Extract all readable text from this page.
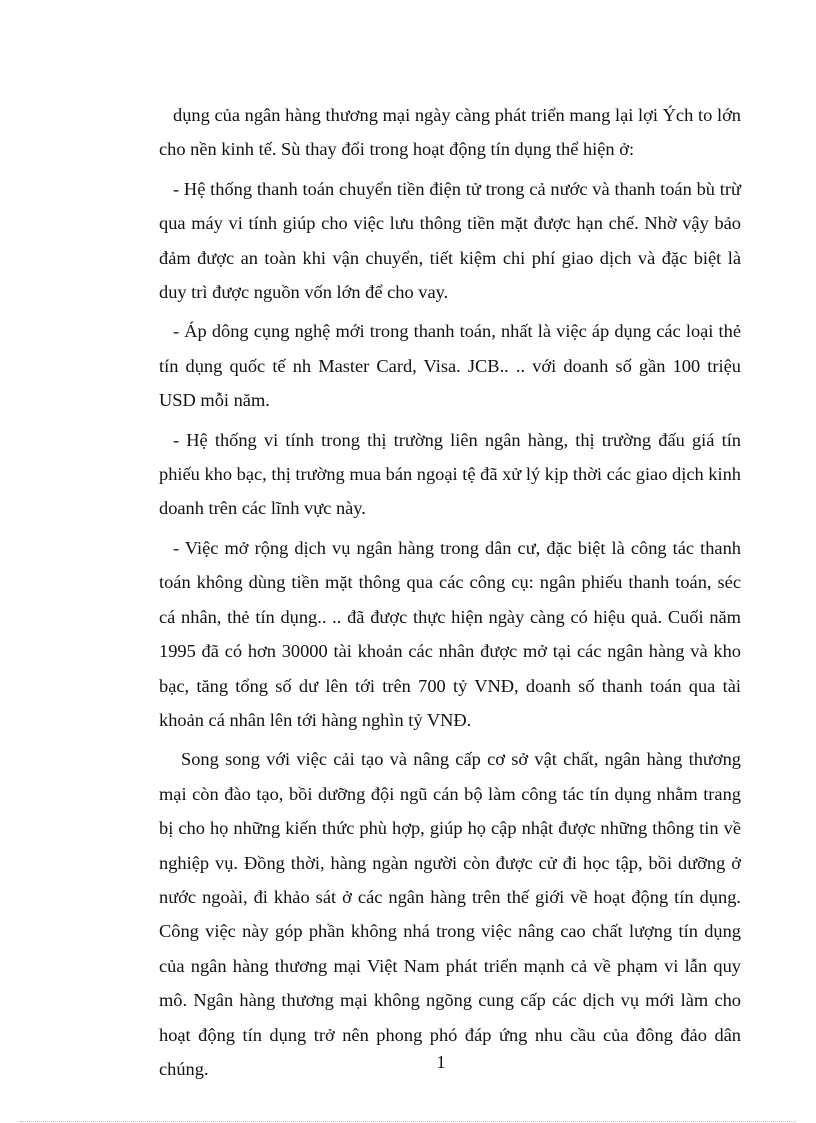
dụng của ngân hàng thương mại ngày càng phát triển mang lại lợi Ých to lớn cho nền kinh tế. Sù thay đổi trong hoạt động tín dụng thể hiện ở:

- Hệ thống thanh toán chuyển tiền điện tử trong cả nước và thanh toán bù trừ qua máy vi tính giúp cho việc lưu thông tiền mặt được hạn chế. Nhờ vậy bảo đảm được an toàn khi vận chuyển, tiết kiệm chi phí giao dịch và đặc biệt là duy trì được nguồn vốn lớn để cho vay.

- Áp dông cụng nghệ mới trong thanh toán, nhất là việc áp dụng các loại thẻ tín dụng quốc tế nh Master Card, Visa. JCB.. .. với doanh số gần 100 triệu USD mỗi năm.

- Hệ thống vi tính trong thị trường liên ngân hàng, thị trường đấu giá tín phiếu kho bạc, thị trường mua bán ngoại tệ đã xử lý kịp thời các giao dịch kinh doanh trên các lĩnh vực này.

- Việc mở rộng dịch vụ ngân hàng trong dân cư, đặc biệt là công tác thanh toán không dùng tiền mặt thông qua các công cụ: ngân phiếu thanh toán, séc cá nhân, thẻ tín dụng.. .. đã được thực hiện ngày càng có hiệu quả. Cuối năm 1995 đã có hơn 30000 tài khoản các nhân được mở tại các ngân hàng và kho bạc, tăng tổng số dư lên tới trên 700 tỷ VNĐ, doanh số thanh toán qua tài khoản cá nhân lên tới hàng nghìn tỷ VNĐ.

Song song với việc cải tạo và nâng cấp cơ sở vật chất, ngân hàng thương mại còn đào tạo, bồi dưỡng đội ngũ cán bộ làm công tác tín dụng nhằm trang bị cho họ những kiến thức phù hợp, giúp họ cập nhật được những thông tin về nghiệp vụ. Đồng thời, hàng ngàn người còn được cử đi học tập, bồi dưỡng ở nước ngoài, đi khảo sát ở các ngân hàng trên thế giới về hoạt động tín dụng. Công việc này góp phần không nhá trong việc nâng cao chất lượng tín dụng của ngân hàng thương mại Việt Nam phát triển mạnh cả về phạm vi lẫn quy mô. Ngân hàng thương mại không ngõng cung cấp các dịch vụ mới làm cho hoạt động tín dụng trở nên phong phó đáp ứng nhu cầu của đông đảo dân chúng.	1
